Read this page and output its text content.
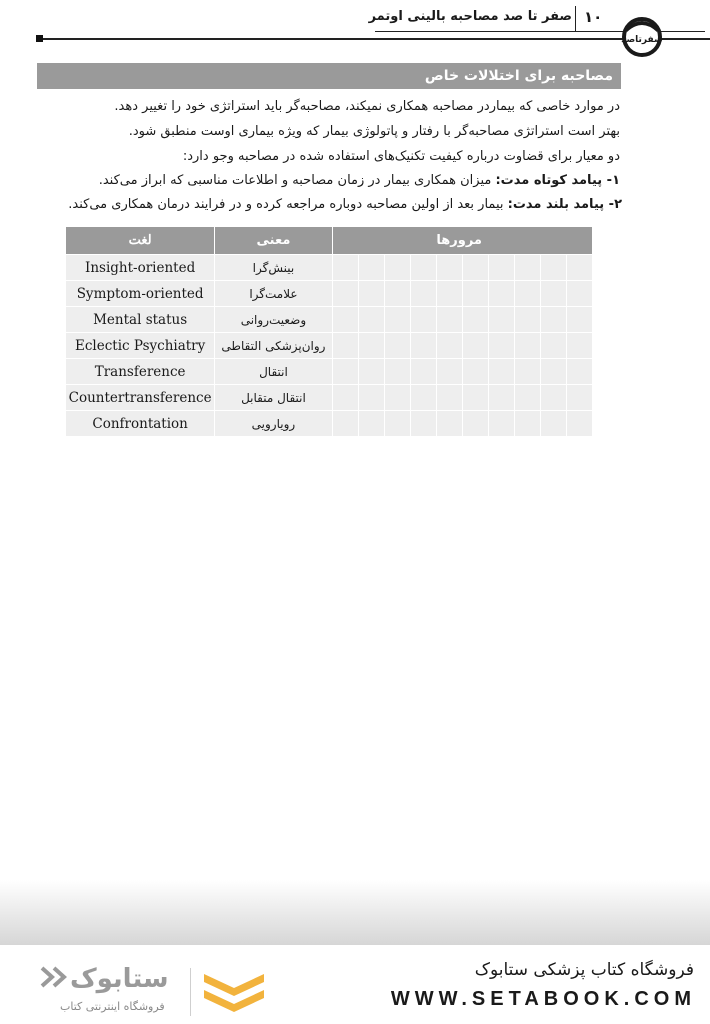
صفر تا صد مصاحبه بالینی اوتمر ۱۰
صفرتاصد
مصاحبه برای اختلالات خاص
در موارد خاصی که بیماردر مصاحبه همکاری نمیکند، مصاحبه‌گر باید استراتژی خود را تغییر دهد.
بهتر است استراتژی مصاحبه‌گر با رفتار و پاتولوژی بیمار که ویژه بیماری اوست منطبق شود.
دو معیار برای قضاوت درباره کیفیت تکنیک‌های استفاده شده در مصاحبه وجو دارد:
۱- پیامد کوتاه مدت: میزان همکاری بیمار در زمان مصاحبه و اطلاعات مناسبی که ابراز می‌کند.
۲- پیامد بلند مدت: بیمار بعد از اولین مصاحبه دوباره مراجعه کرده و در فرایند درمان همکاری می‌کند.
لغت	معنی	مرورها
Insight-oriented	بینش‌گرا	

Symptom-oriented	علامت‌گرا	

Mental status	وضعیت‌روانی	

Eclectic Psychiatry	روان‌پزشکی التقاطی	

Transference	انتقال	

Countertransference	انتقال متقابل	

Confrontation	رویارویی	
ستابوک
فروشگاه اینترنتی کتاب
فروشگاه کتاب پزشکی ستابوک
WWW.SETABOOK.COM
